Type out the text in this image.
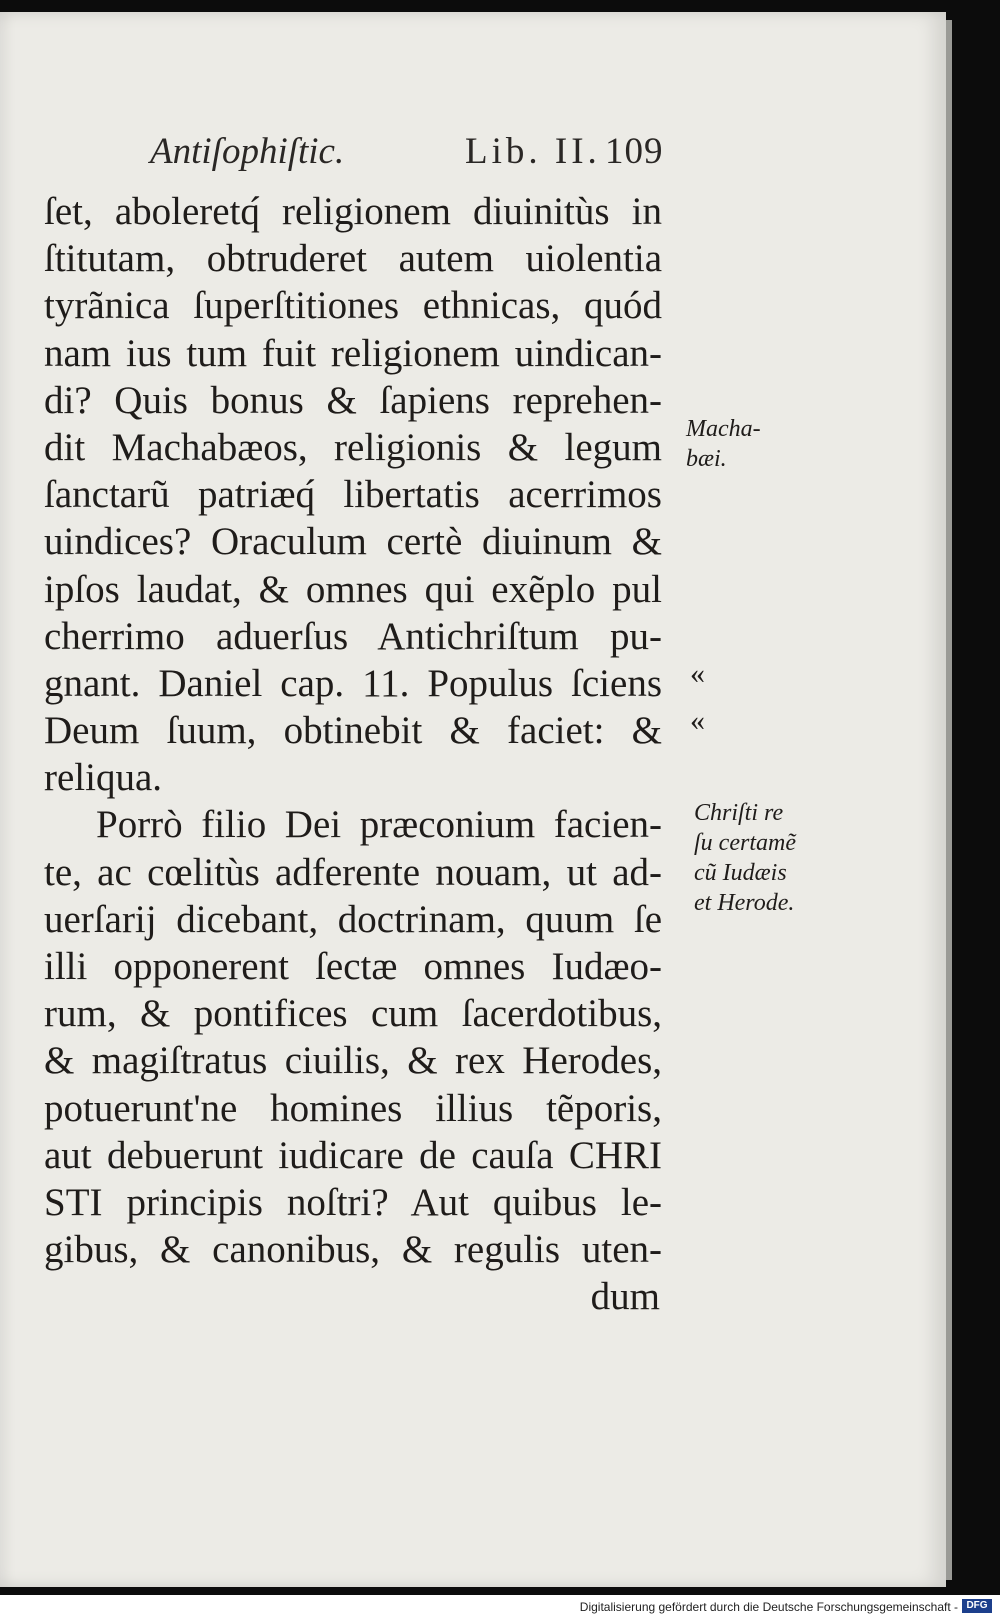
Antiſophiſtic.	Lib. II. 109
ſet, aboleretq́ religionem diuinitùs in
ſtitutam, obtruderet autem uiolentia
tyrãnica ſuperſtitiones ethnicas, quód
nam ius tum fuit religionem uindican-
di? Quis bonus & ſapiens reprehen-
dit Machabæos, religionis & legum
ſanctarũ patriæq́ libertatis acerrimos
uindices? Oraculum certè diuinum &
ipſos laudat, & omnes qui exẽplo pul
cherrimo aduerſus Antichriſtum pu-
gnant. Daniel cap. 11. Populus ſciens
Deum ſuum, obtinebit & faciet: &
reliqua.
Porrò filio Dei præconium facien-
te, ac cœlitùs adferente nouam, ut ad-
uerſarij dicebant, doctrinam, quum ſe
illi opponerent ſectæ omnes Iudæo-
rum, & pontifices cum ſacerdotibus,
& magiſtratus ciuilis, & rex Herodes,
potuerunt'ne homines illius tẽporis,
aut debuerunt iudicare de cauſa CHRI
STI principis noſtri? Aut quibus le-
gibus, & canonibus, & regulis uten-
dum
Macha-
bæi.
«
«
Chriſti re
ſu certamẽ
cũ Iudæis
et Herode.
Digitalisierung gefördert durch die Deutsche Forschungsgemeinschaft - DFG
